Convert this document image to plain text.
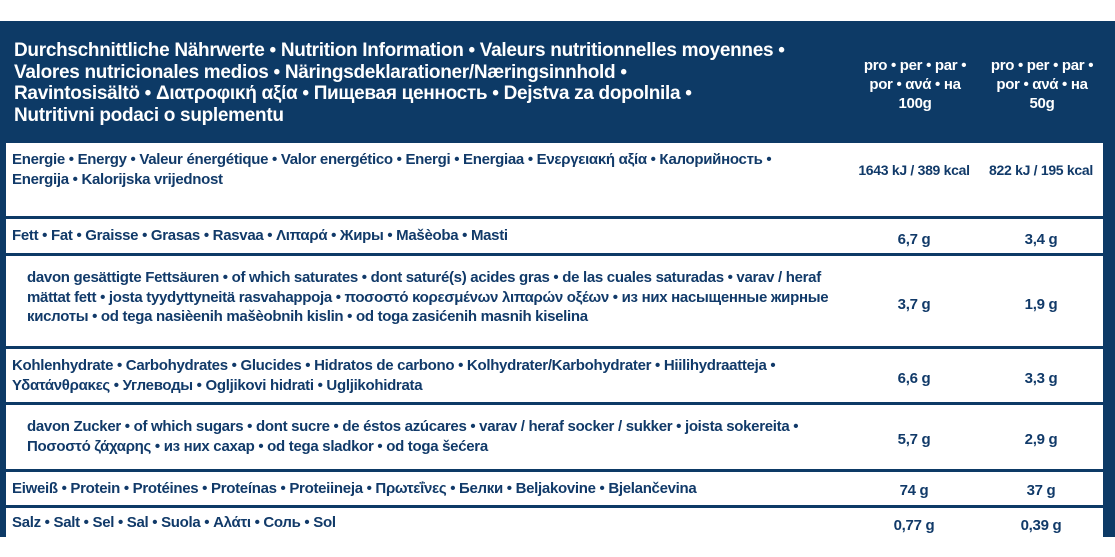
Durchschnittliche Nährwerte • Nutrition Information • Valeurs nutritionnelles moyennes •
Valores nutricionales medios • Näringsdeklarationer/Næringsinnhold •
Ravintosisältö • Διατροφική αξία • Пищевая ценность • Dejstva za dopolnila •
Nutritivni podaci o suplementu
pro • per • par •
por • ανά • на
100g
pro • per • par •
por • ανά • на
50g
Energie • Energy • Valeur énergétique • Valor energético • Energi • Energiaa • Ενεργειακή αξία • Калорийность •
Energija • Kalorijska vrijednost
1643 kJ / 389 kcal	822 kJ / 195 kcal
Fett • Fat • Graisse • Grasas • Rasvaa • Λιπαρά • Жиры • Mašèoba • Masti	6,7 g	3,4 g
davon gesättigte Fettsäuren • of which saturates • dont saturé(s) acides gras • de las cuales saturadas • varav / heraf
mättat fett • josta tyydyttyneitä rasvahappoja • ποσοστό κορεσμένων λιπαρών οξέων • из них насыщенные жирные
кислоты • od tega nasièenih mašèobnih kislin • od toga zasićenih masnih kiselina
3,7 g	1,9 g
Kohlenhydrate • Carbohydrates • Glucides • Hidratos de carbono • Kolhydrater/Karbohydrater • Hiilihydraatteja •
Υδατάνθρακες • Углеводы • Ogljikovi hidrati • Ugljikohidrata	6,6 g	3,3 g
davon Zucker • of which sugars • dont sucre • de éstos azúcares • varav / heraf socker / sukker • joista sokereita •
Ποσοστό ζάχαρης • из них сахар • od tega sladkor • od toga šećera	5,7 g	2,9 g
Eiweiß • Protein • Protéines • Proteínas • Proteiineja • Πρωτεΐνες • Белки • Beljakovine • Bjelančevina	74 g	37 g
Salz • Salt • Sel • Sal • Suola • Αλάτι • Соль • Sol	0,77 g	0,39 g
